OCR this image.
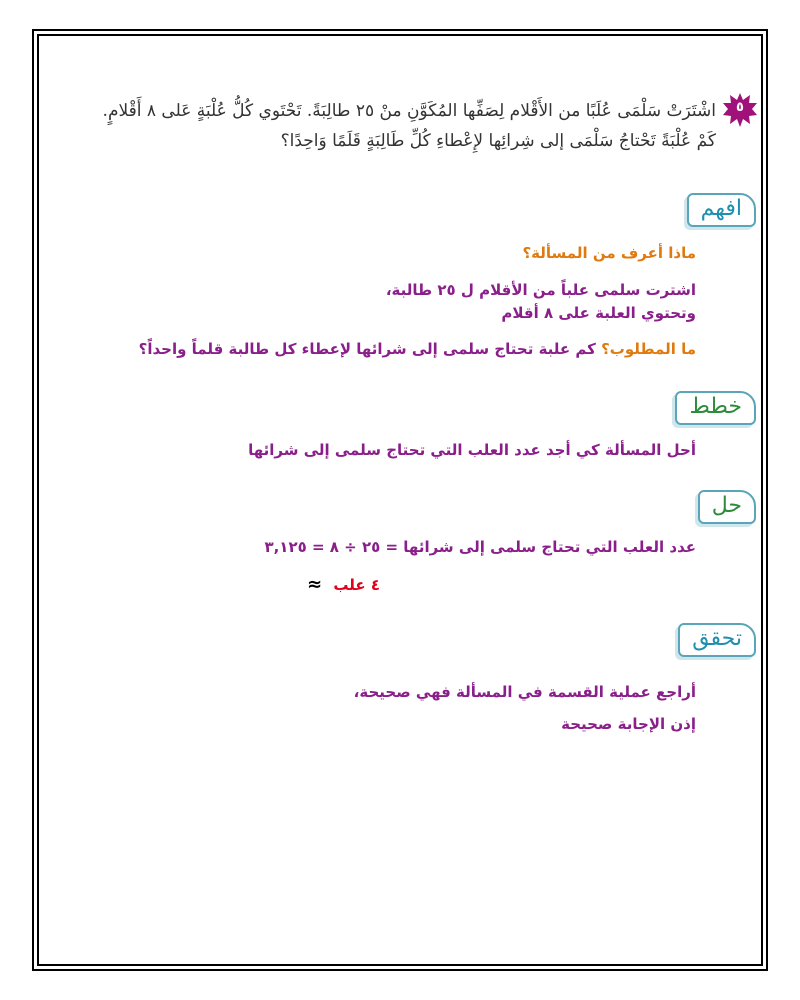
٥
اشْتَرَتْ سَلْمَى عُلَبًا من الأَقْلام لِصَفِّها المُكَوَّنِ منْ ٢٥ طالِبَةً. تَحْتَوي كُلُّ عُلْبَةٍ عَلى ٨ أَقْلامٍ.
كَمْ عُلْبَةً تَحْتاجُ سَلْمَى إلى شِرائِها لإِعْطاءِ كُلِّ طَالِبَةٍ قَلَمًا وَاحِدًا؟
افهم
ماذا أعرف من المسألة؟
اشترت سلمى علباً من الأقلام ل ٢٥ طالبة،
وتحتوي العلبة على ٨ أقلام
ما المطلوب؟ كم علبة تحتاج سلمى إلى شرائها لإعطاء كل طالبة قلماً واحداً؟
خطط
أحل المسألة كي أجد عدد العلب التي تحتاج سلمى إلى شرائها
حل
عدد العلب التي تحتاج سلمى إلى شرائها = ٢٥ ÷ ٨ = ٣,١٢٥
٤ علب ≈
تحقق
أراجع عملية القسمة في المسألة فهي صحيحة،
إذن الإجابة صحيحة
